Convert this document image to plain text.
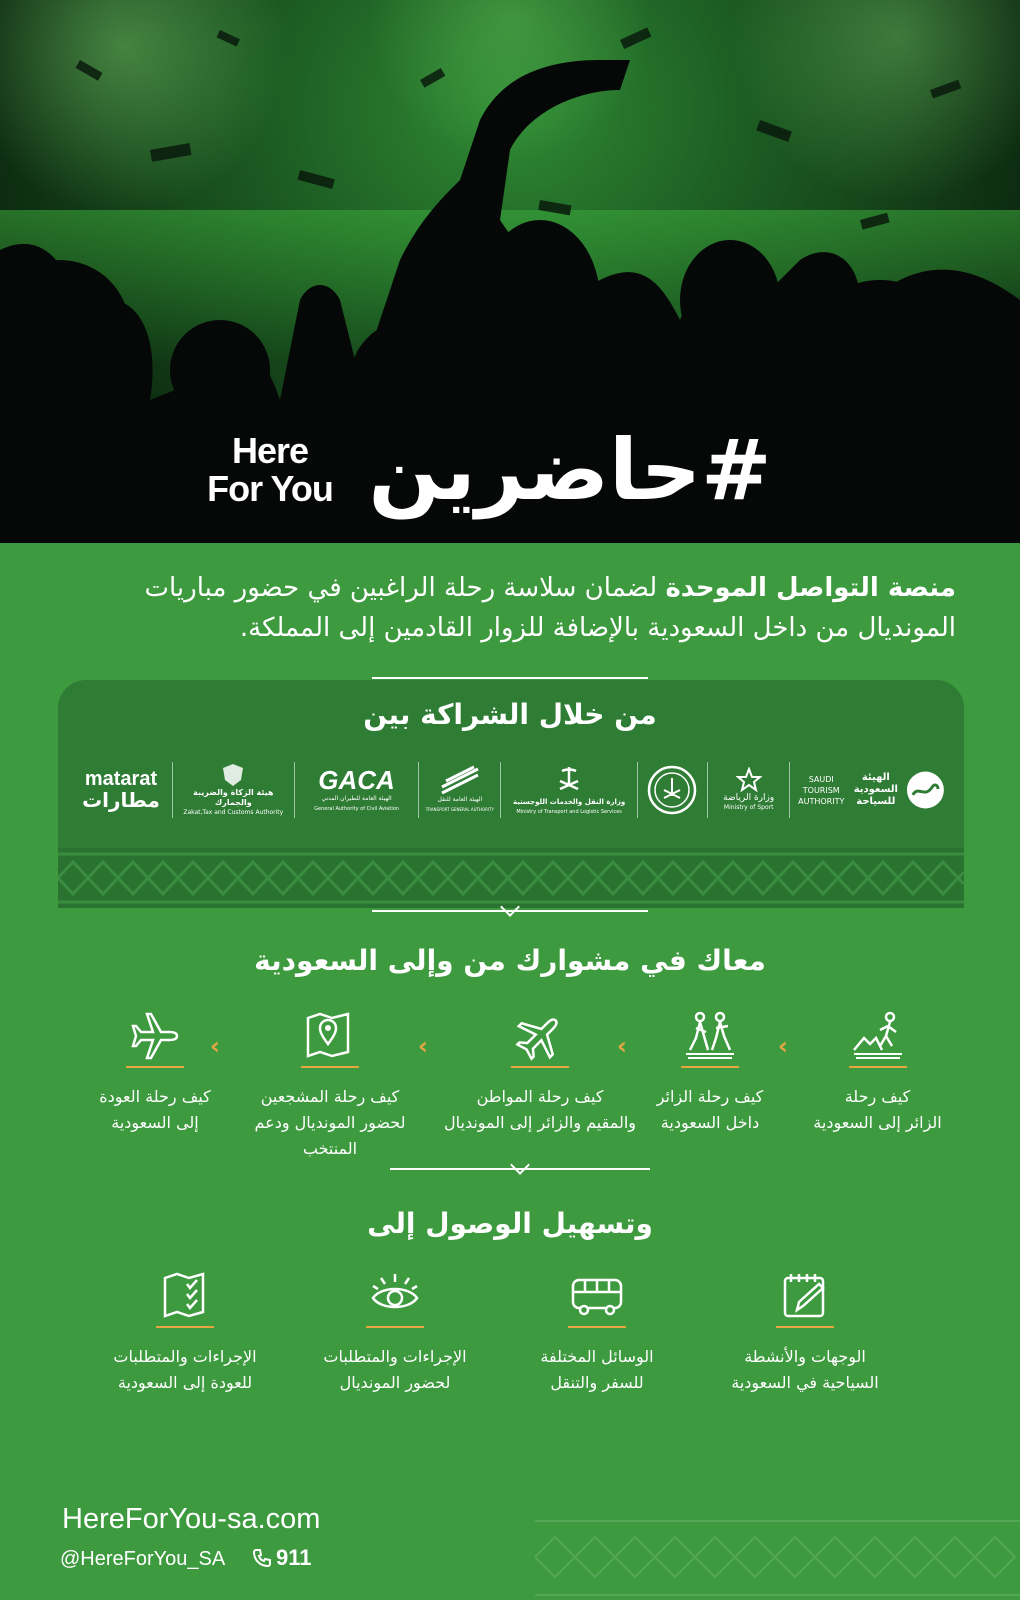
Here
For You #حاضرين
منصة التواصل الموحدة لضمان سلاسة رحلة الراغبين في حضور مباريات المونديال من داخل السعودية بالإضافة للزوار القادمين إلى المملكة.
من خلال الشراكة بين
matarat
مطارات	هيئة الزكاة والضريبة والجمارك
Zakat,Tax and Customs Authority
GACA
الهيئة العامة للطيران المدني
General Authority of Civil Aviation
الهيئة العامة للنقل
TRANSPORT GENERAL AUTHORITY
وزارة النقل والخدمات اللوجستية
Ministry of Transport and Logistic Services
وزارة الرياضة
Ministry of Sport
SAUDI TOURISM AUTHORITY
الهيئة السعودية للسياحة
معاك في مشوارك من وإلى السعودية
كيف رحلة العودة
إلى السعودية
‹
كيف رحلة المشجعين
لحضور المونديال ودعم المنتخب
‹
كيف رحلة المواطن
والمقيم والزائر إلى المونديال
‹
كيف رحلة الزائر
داخل السعودية
‹
كيف رحلة
الزائر إلى السعودية
وتسهيل الوصول إلى
الإجراءات والمتطلبات
للعودة إلى السعودية
الإجراءات والمتطلبات
لحضور المونديال
الوسائل المختلفة
للسفر والتنقل
الوجهات والأنشطة
السياحية في السعودية
HereForYou-sa.com
@HereForYou_SA 911
